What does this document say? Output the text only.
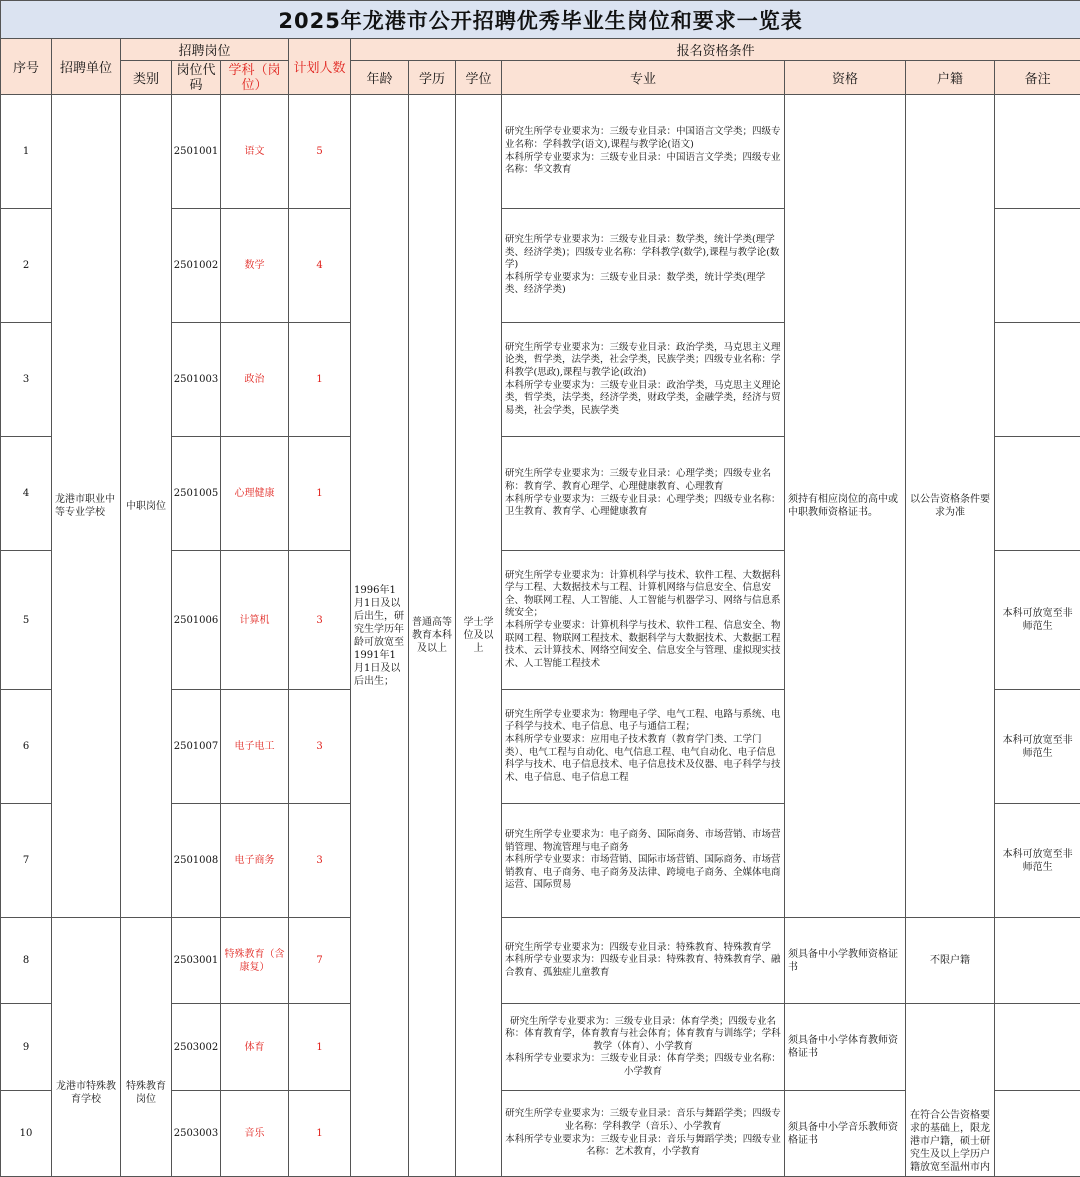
2025年龙港市公开招聘优秀毕业生岗位和要求一览表												
序号	招聘单位	招聘岗位			计划人数	报名资格条件						
		类别	岗位代码	学科（岗位）		年龄	学历	学位	专业	资格	户籍	备注
1	龙港市职业中等专业学校	中职岗位	2501001	语文	5	1996年1月1日及以后出生，研究生学历年龄可放宽至1991年1月1日及以后出生；	普通高等教育本科及以上	学士学位及以上	研究生所学专业要求为：三级专业目录：中国语言文学类；四级专业名称：学科教学(语文),课程与教学论(语文)
本科所学专业要求为：三级专业目录：中国语言文学类；四级专业名称：华文教育	须持有相应岗位的高中或中职教师资格证书。	以公告资格条件要求为准	
2			2501002	数学	4				研究生所学专业要求为：三级专业目录：数学类，统计学类(理学类、经济学类)；四级专业名称：学科教学(数学),课程与教学论(数学)
本科所学专业要求为：三级专业目录：数学类，统计学类(理学类、经济学类)			
3			2501003	政治	1				研究生所学专业要求为：三级专业目录：政治学类，马克思主义理论类，哲学类，法学类，社会学类，民族学类；四级专业名称：学科教学(思政),课程与教学论(政治)
本科所学专业要求为：三级专业目录：政治学类，马克思主义理论类，哲学类，法学类，经济学类，财政学类，金融学类，经济与贸易类，社会学类，民族学类			
4			2501005	心理健康	1				研究生所学专业要求为：三级专业目录：心理学类；四级专业名称：教育学、教育心理学、心理健康教育、心理教育
本科所学专业要求为：三级专业目录：心理学类；四级专业名称：卫生教育、教育学、心理健康教育			
5			2501006	计算机	3				研究生所学专业要求为：计算机科学与技术、软件工程、大数据科学与工程、大数据技术与工程、计算机网络与信息安全、信息安全、物联网工程、人工智能、人工智能与机器学习、网络与信息系统安全；
本科所学专业要求：计算机科学与技术、软件工程、信息安全、物联网工程、物联网工程技术、数据科学与大数据技术、大数据工程技术、云计算技术、网络空间安全、信息安全与管理、虚拟现实技术、人工智能工程技术			本科可放宽至非师范生
6			2501007	电子电工	3				研究生所学专业要求为：物理电子学、电气工程、电路与系统、电子科学与技术、电子信息、电子与通信工程；
本科所学专业要求：应用电子技术教育（教育学门类、工学门类）、电气工程与自动化、电气信息工程、电气自动化、电子信息科学与技术、电子信息技术、电子信息技术及仪器、电子科学与技术、电子信息、电子信息工程			本科可放宽至非师范生
7			2501008	电子商务	3				研究生所学专业要求为：电子商务、国际商务、市场营销、市场营销管理、物流管理与电子商务
本科所学专业要求：市场营销、国际市场营销、国际商务、市场营销教育、电子商务、电子商务及法律、跨境电子商务、全媒体电商运营、国际贸易			本科可放宽至非师范生
8	龙港市特殊教育学校	特殊教育岗位	2503001	特殊教育（含康复）	7				研究生所学专业要求为：四级专业目录：特殊教育、特殊教育学
本科所学专业要求为：四级专业目录：特殊教育、特殊教育学、融合教育、孤独症儿童教育	须具备中小学教师资格证书	不限户籍	
9			2503002	体育	1				研究生所学专业要求为：三级专业目录：体育学类；四级专业名称：体育教育学，体育教育与社会体育；体育教育与训练学；学科教学（体育）、小学教育
本科所学专业要求为：三级专业目录：体育学类；四级专业名称：小学教育	须具备中小学体育教师资格证书	在符合公告资格要求的基础上，限龙港市户籍，硕士研究生及以上学历户籍放宽至温州市内	
10			2503003	音乐	1				研究生所学专业要求为：三级专业目录：音乐与舞蹈学类；四级专业名称：学科教学（音乐）、小学教育
本科所学专业要求为：三级专业目录：音乐与舞蹈学类；四级专业名称：艺术教育，小学教育	须具备中小学音乐教师资格证书		
